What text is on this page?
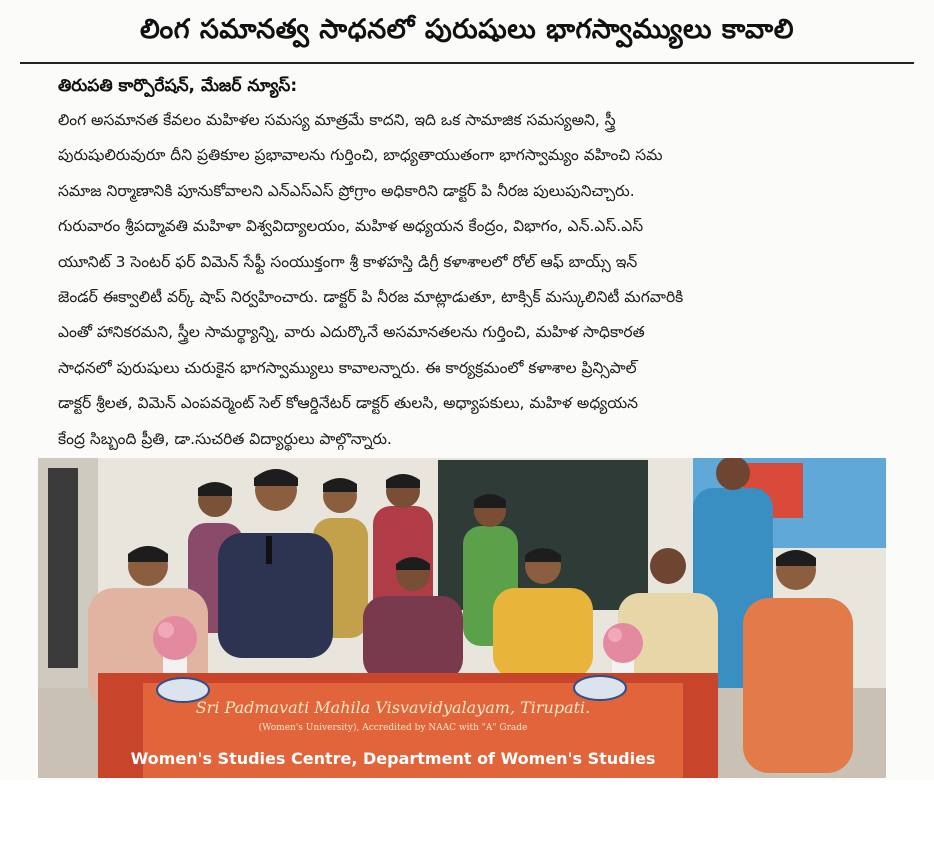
లింగ సమానత్వ సాధనలో పురుషులు భాగస్వామ్యులు కావాలి
తిరుపతి కార్పొరేషన్, మేజర్ న్యూస్:
లింగ అసమానత కేవలం మహిళల సమస్య మాత్రమే కాదని, ఇది ఒక సామాజిక సమస్యఅని, స్త్రీ
పురుషులిరువురూ దీని ప్రతికూల ప్రభావాలను గుర్తించి, బాధ్యతాయుతంగా భాగస్వామ్యం వహించి సమ
సమాజ నిర్మాణానికి పూనుకోవాలని ఎన్ఎస్ఎస్ ప్రోగ్రాం అధికారిని డాక్టర్ పి నీరజ పులుపునిచ్చారు.
గురువారం శ్రీపద్మావతి మహిళా విశ్వవిద్యాలయం, మహిళ అధ్యయన కేంద్రం, విభాగం, ఎన్.ఎస్.ఎస్
యూనిట్ 3 సెంటర్ ఫర్ విమెన్ సేఫ్టీ సంయుక్తంగా శ్రీ కాళహస్తి డిగ్రీ కళాశాలలో రోల్ ఆఫ్ బాయ్స్ ఇన్
జెండర్ ఈక్వాలిటీ వర్క్ షాప్ నిర్వహించారు. డాక్టర్ పి నీరజ మాట్లాడుతూ, టాక్సిక్ మస్కులినిటీ మగవారికి
ఎంతో హానికరమని, స్త్రీల సామర్థ్యాన్ని, వారు ఎదుర్కొనే అసమానతలను గుర్తించి, మహిళ సాధికారత
సాధనలో పురుషులు చురుకైన భాగస్వామ్యులు కావాలన్నారు. ఈ కార్యక్రమంలో కళాశాల ప్రిన్సిపాల్
డాక్టర్ శ్రీలత, విమెన్ ఎంపవర్మెంట్ సెల్ కోఆర్డినేటర్ డాక్టర్ తులసి, అధ్యాపకులు, మహిళ అధ్యయన
కేంద్ర సిబ్బంది ప్రీతి, డా.సుచరిత విద్యార్థులు పాల్గొన్నారు.
Sri Padmavati Mahila Visvavidyalayam, Tirupati.
(Women's University), Accredited by NAAC with "A" Grade
Women's Studies Centre, Department of Women's Studies
